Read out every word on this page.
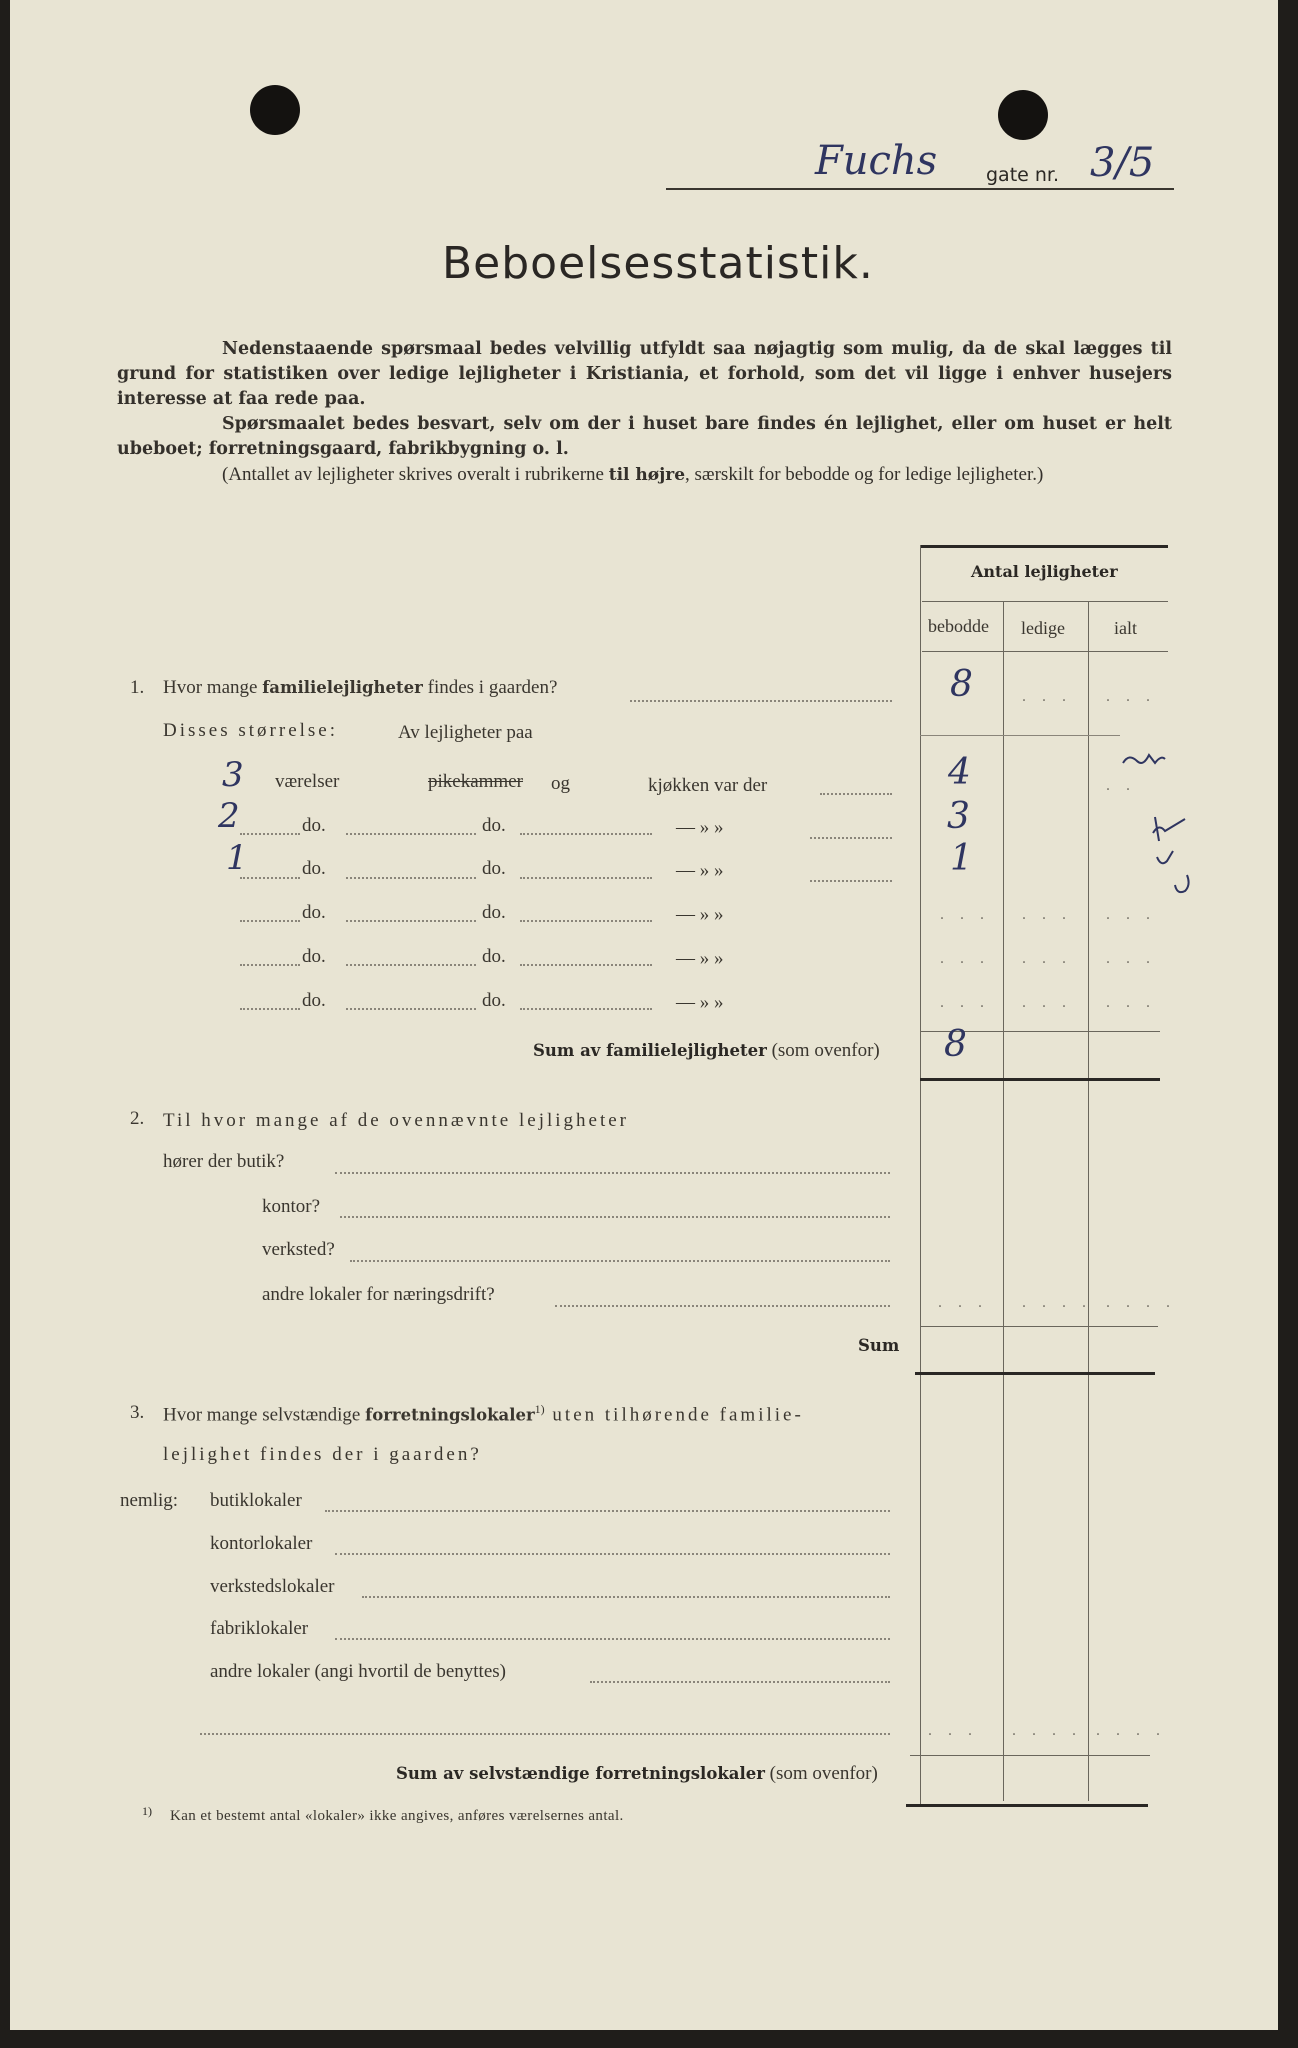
Fuchs	gate nr. 3/5
Beboelsesstatistik.

Nedenstaaende spørsmaal bedes velvillig utfyldt saa nøjagtig som mulig, da de skal lægges til grund for statistiken over ledige lejligheter i Kristiania, et forhold, som det vil ligge i enhver husejers interesse at faa rede paa.

Spørsmaalet bedes besvart, selv om der i huset bare findes én lejlighet, eller om huset er helt ubeboet; forretningsgaard, fabrikbygning o. l.

(Antallet av lejligheter skrives overalt i rubrikerne til højre, særskilt for bebodde og for ledige lejligheter.)

Antal lejligheter
bebodde ledige	ialt
1. Hvor mange familielejligheter findes i gaarden?	8	. . . . . .
Disses størrelse:	Av lejligheter paa
3 værelser	pikekammer og	kjøkken var der	4	. .
2	do.	do.	— » »	3
1	do.	do.	— » »	1
do.	do.	— » »	. . . . . . . . .
do.	do.	— » »	. . . . . . . . .
do.	do.	— » »	. . . . . . . . .
Sum av familielejligheter (som ovenfor) 8
2. Til hvor mange af de ovennævnte lejligheter
hører der butik?
kontor?
verksted?
andre lokaler for næringsdrift?	. . . . . . . . . . .
Sum
3. Hvor mange selvstændige forretningslokaler$^{1)}$ uten tilhørende familie-
lejlighet findes der i gaarden?
nemlig: butiklokaler
kontorlokaler
verkstedslokaler
fabriklokaler
andre lokaler (angi hvortil de benyttes)
. . . . . . . . . . .
Sum av selvstændige forretningslokaler (som ovenfor)
1) Kan et bestemt antal «lokaler» ikke angives, anføres værelsernes antal.
